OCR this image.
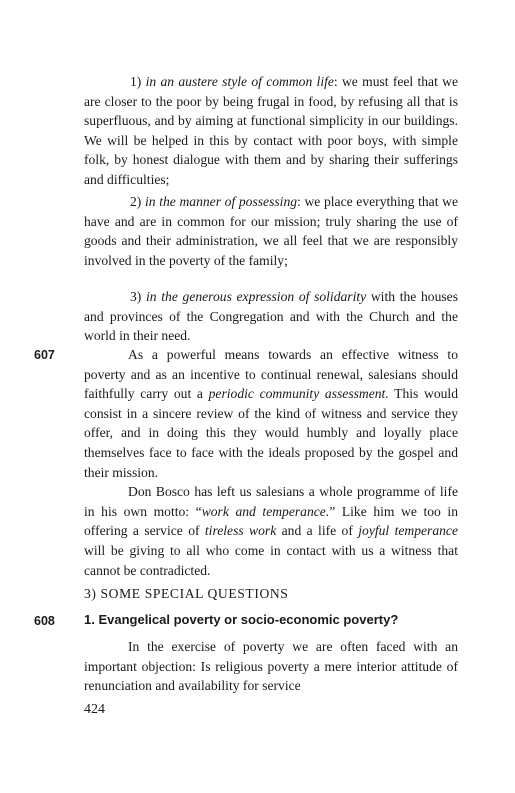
1) in an austere style of common life: we must feel that we are closer to the poor by being frugal in food, by refusing all that is superfluous, and by aiming at functional simplicity in our buildings. We will be helped in this by contact with poor boys, with simple folk, by honest dialogue with them and by sharing their sufferings and difficulties;

2) in the manner of possessing: we place everything that we have and are in common for our mission; truly sharing the use of goods and their administration, we all feel that we are responsibly involved in the poverty of the family;

3) in the generous expression of solidarity with the houses and provinces of the Congregation and with the Church and the world in their need.

607	As a powerful means towards an effective witness to poverty and as an incentive to continual renewal, salesians should faithfully carry out a periodic community assessment. This would consist in a sincere review of the kind of witness and service they offer, and in doing this they would humbly and loyally place themselves face to face with the ideals proposed by the gospel and their mission.

Don Bosco has left us salesians a whole programme of life in his own motto: “work and temperance.” Like him we too in offering a service of tireless work and a life of joyful temperance will be giving to all who come in contact with us a witness that cannot be contradicted.

3) SOME SPECIAL QUESTIONS
608 1. Evangelical poverty or socio-economic poverty?

In the exercise of poverty we are often faced with an important objection: Is religious poverty a mere interior attitude of renunciation and availability for service

424
